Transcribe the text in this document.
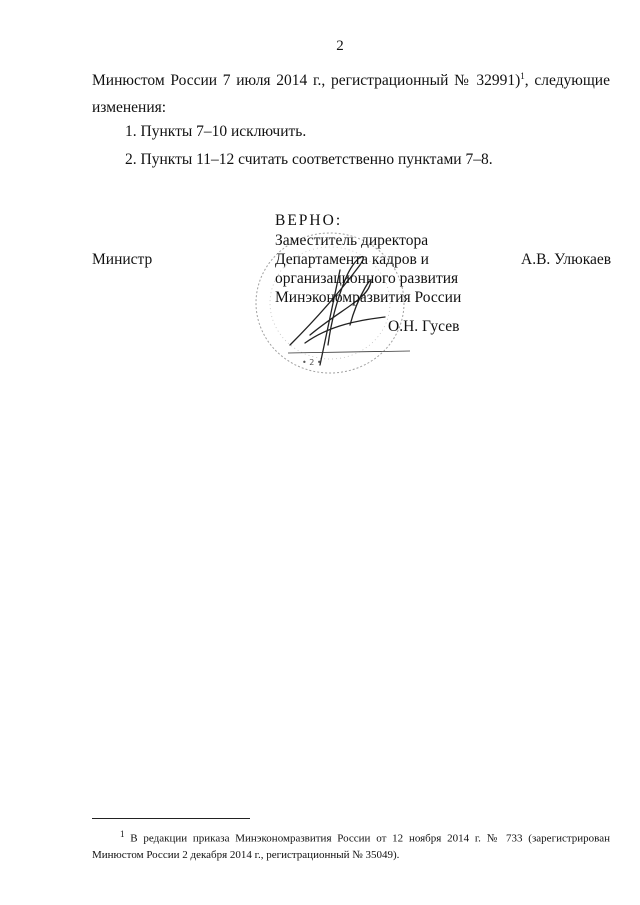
2
Минюстом России 7 июля 2014 г., регистрационный № 32991)$^1$, следующие
изменения:
1. Пункты 7–10 исключить.
2. Пункты 11–12 считать соответственно пунктами 7–8.
• 2 •
ВЕРНО:
Заместитель директора
Департамента кадров и
организационного развития
Минэкономразвития России
Министр	А.В. Улюкаев
О.Н. Гусев
$^1$ В редакции приказа Минэкономразвития России от 12 ноября 2014 г. № 733 (зарегистрирован
Минюстом России 2 декабря 2014 г., регистрационный № 35049).
